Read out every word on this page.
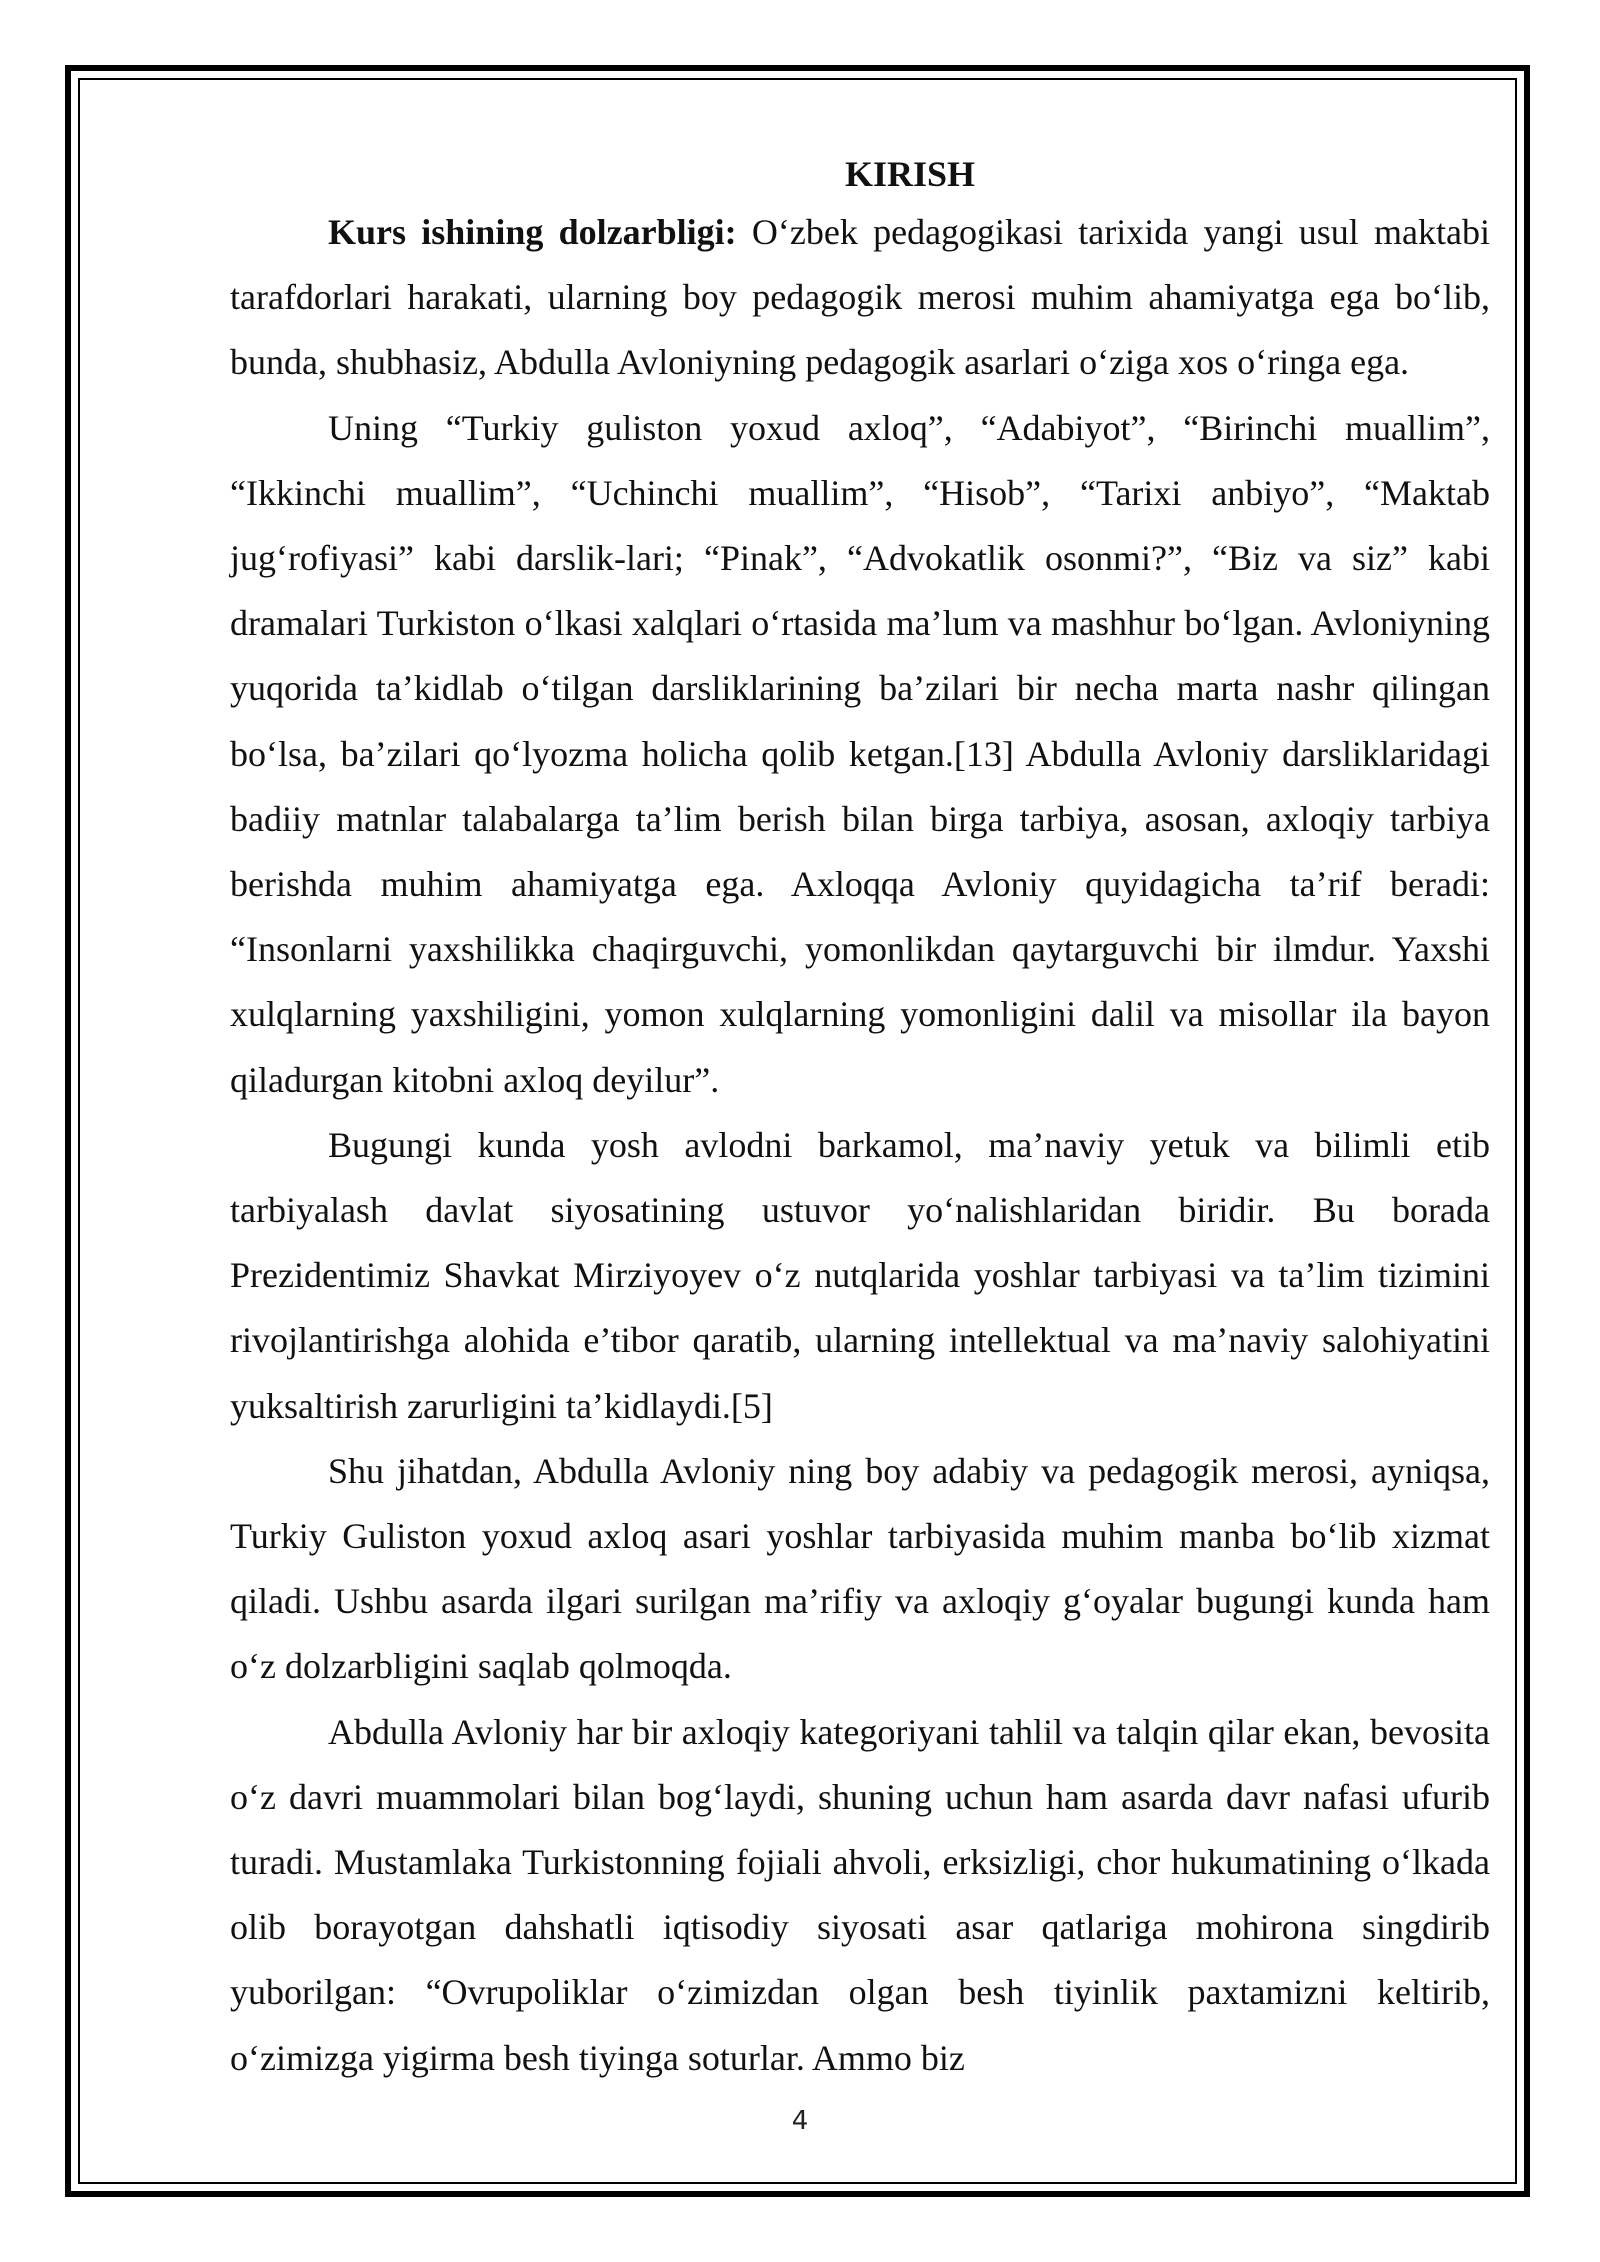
KIRISH

Kurs ishining dolzarbligi: O‘zbek pedagogikasi tarixida yangi usul maktabi tarafdorlari harakati, ularning boy pedagogik merosi muhim ahamiyatga ega bo‘lib, bunda, shubhasiz, Abdulla Avloniyning pedagogik asarlari o‘ziga xos o‘ringa ega.

Uning “Turkiy guliston yoxud axloq”, “Adabiyot”, “Birinchi muallim”, “Ikkinchi muallim”, “Uchinchi muallim”, “Hisob”, “Tarixi anbiyo”, “Maktab jug‘rofiyasi” kabi darslik-lari; “Pinak”, “Advokatlik osonmi?”, “Biz va siz” kabi dramalari Turkiston o‘lkasi xalqlari o‘rtasida ma’lum va mashhur bo‘lgan. Avloniyning yuqorida ta’kidlab o‘tilgan darsliklarining ba’zilari bir necha marta nashr qilingan bo‘lsa, ba’zilari qo‘lyozma holicha qolib ketgan.[13] Abdulla Avloniy darsliklaridagi badiiy matnlar talabalarga ta’lim berish bilan birga tarbiya, asosan, axloqiy tarbiya berishda muhim ahamiyatga ega. Axloqqa Avloniy quyidagicha ta’rif beradi: “Insonlarni yaxshilikka chaqirguvchi, yomonlikdan qaytarguvchi bir ilmdur. Yaxshi xulqlarning yaxshiligini, yomon xulqlarning yomonligini dalil va misollar ila bayon qiladurgan kitobni axloq deyilur”.

Bugungi kunda yosh avlodni barkamol, ma’naviy yetuk va bilimli etib tarbiyalash davlat siyosatining ustuvor yo‘nalishlaridan biridir. Bu borada Prezidentimiz Shavkat Mirziyoyev o‘z nutqlarida yoshlar tarbiyasi va ta’lim tizimini rivojlantirishga alohida e’tibor qaratib, ularning intellektual va ma’naviy salohiyatini yuksaltirish zarurligini ta’kidlaydi.[5]

Shu jihatdan, Abdulla Avloniy ning boy adabiy va pedagogik merosi, ayniqsa, Turkiy Guliston yoxud axloq asari yoshlar tarbiyasida muhim manba bo‘lib xizmat qiladi. Ushbu asarda ilgari surilgan ma’rifiy va axloqiy g‘oyalar bugungi kunda ham o‘z dolzarbligini saqlab qolmoqda.

Abdulla Avloniy har bir axloqiy kategoriyani tahlil va talqin qilar ekan, bevosita o‘z davri muammolari bilan bog‘laydi, shuning uchun ham asarda davr nafasi ufurib turadi. Mustamlaka Turkistonning fojiali ahvoli, erksizligi, chor hukumatining o‘lkada olib borayotgan dahshatli iqtisodiy siyosati asar qatlariga mohirona singdirib yuborilgan: “Ovrupoliklar o‘zimizdan olgan besh tiyinlik paxtamizni keltirib, o‘zimizga yigirma besh tiyinga soturlar. Ammo biz

4
